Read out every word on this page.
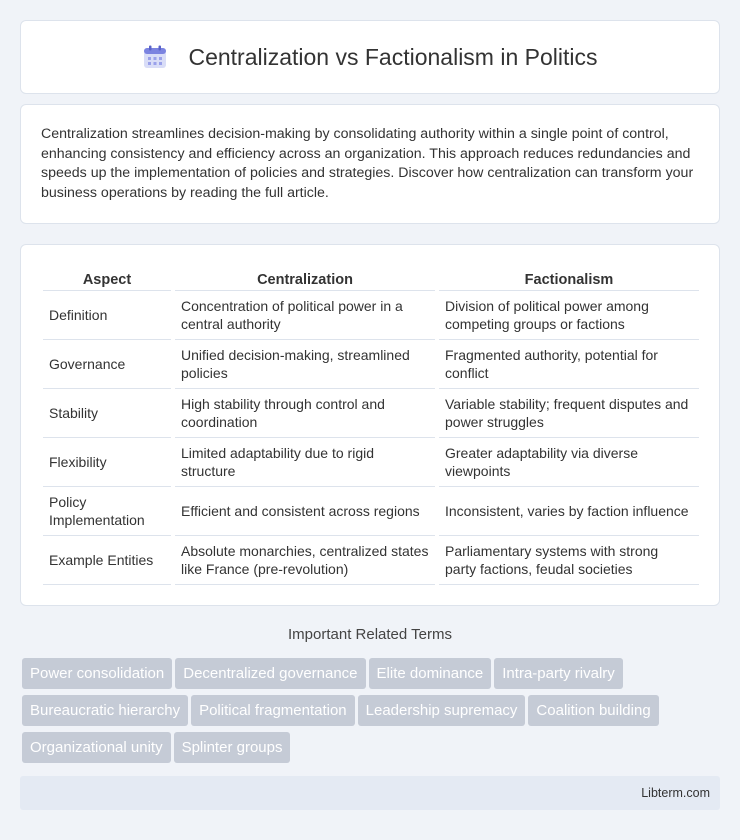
Centralization vs Factionalism in Politics

Centralization streamlines decision-making by consolidating authority within a single point of control, enhancing consistency and efficiency across an organization. This approach reduces redundancies and speeds up the implementation of policies and strategies. Discover how centralization can transform your business operations by reading the full article.

Aspect	Centralization	Factionalism
Definition	Concentration of political power in a central authority	Division of political power among competing groups or factions
Governance	Unified decision-making, streamlined policies	Fragmented authority, potential for conflict
Stability	High stability through control and coordination	Variable stability; frequent disputes and power struggles
Flexibility	Limited adaptability due to rigid structure	Greater adaptability via diverse viewpoints
Policy Implementation	Efficient and consistent across regions	Inconsistent, varies by faction influence
Example Entities	Absolute monarchies, centralized states like France (pre-revolution)	Parliamentary systems with strong party factions, feudal societies
Important Related Terms
Power consolidation Decentralized governance Elite dominance Intra-party rivalry
Bureaucratic hierarchy Political fragmentation Leadership supremacy Coalition building
Organizational unity Splinter groups
Libterm.com
